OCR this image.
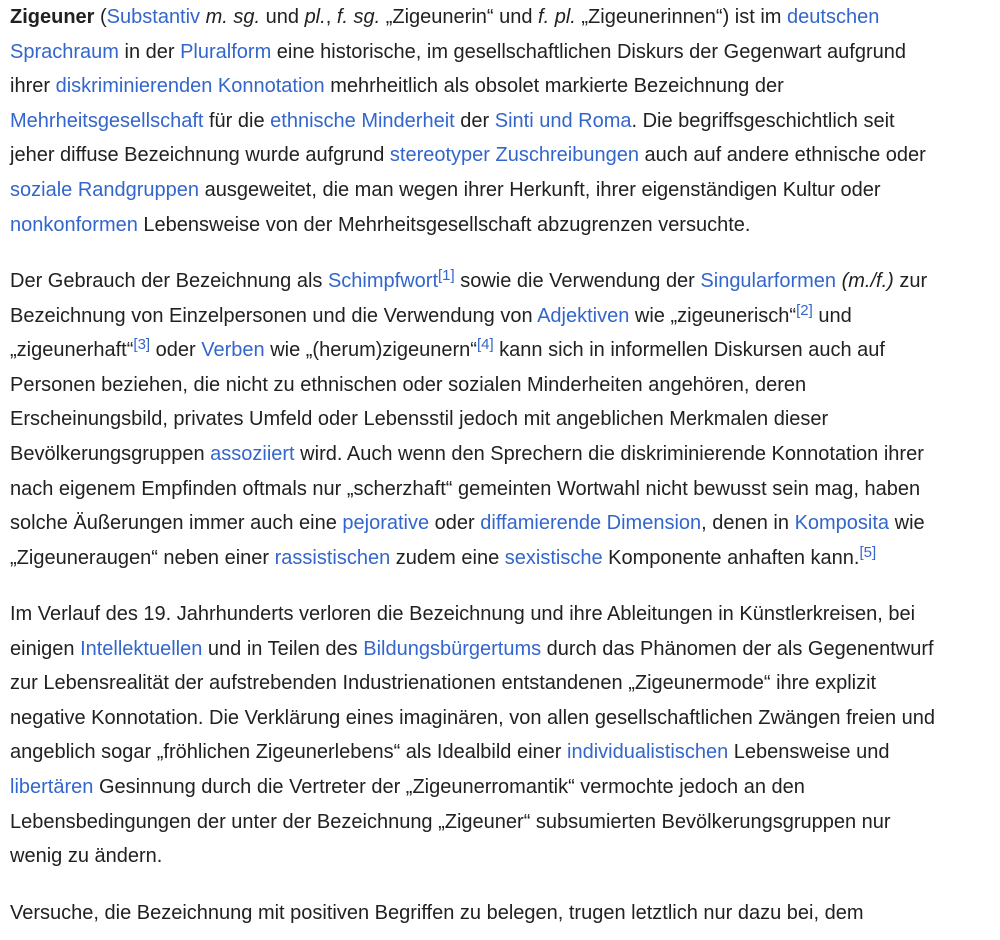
Zigeuner (Substantiv m. sg. und pl., f. sg. „Zigeunerin“ und f. pl. „Zigeunerinnen“) ist im deutschen
Sprachraum in der Pluralform eine historische, im gesellschaftlichen Diskurs der Gegenwart aufgrund
ihrer diskriminierenden Konnotation mehrheitlich als obsolet markierte Bezeichnung der
Mehrheitsgesellschaft für die ethnische Minderheit der Sinti und Roma. Die begriffsgeschichtlich seit
jeher diffuse Bezeichnung wurde aufgrund stereotyper Zuschreibungen auch auf andere ethnische oder
soziale Randgruppen ausgeweitet, die man wegen ihrer Herkunft, ihrer eigenständigen Kultur oder
nonkonformen Lebensweise von der Mehrheitsgesellschaft abzugrenzen versuchte.

Der Gebrauch der Bezeichnung als Schimpfwort[1] sowie die Verwendung der Singularformen (m./f.) zur
Bezeichnung von Einzelpersonen und die Verwendung von Adjektiven wie „zigeunerisch“[2] und
„zigeunerhaft“[3] oder Verben wie „(herum)zigeunern“[4] kann sich in informellen Diskursen auch auf
Personen beziehen, die nicht zu ethnischen oder sozialen Minderheiten angehören, deren
Erscheinungsbild, privates Umfeld oder Lebensstil jedoch mit angeblichen Merkmalen dieser
Bevölkerungsgruppen assoziiert wird. Auch wenn den Sprechern die diskriminierende Konnotation ihrer
nach eigenem Empfinden oftmals nur „scherzhaft“ gemeinten Wortwahl nicht bewusst sein mag, haben
solche Äußerungen immer auch eine pejorative oder diffamierende Dimension, denen in Komposita wie
„Zigeuneraugen“ neben einer rassistischen zudem eine sexistische Komponente anhaften kann.[5]

Im Verlauf des 19. Jahrhunderts verloren die Bezeichnung und ihre Ableitungen in Künstlerkreisen, bei
einigen Intellektuellen und in Teilen des Bildungsbürgertums durch das Phänomen der als Gegenentwurf
zur Lebensrealität der aufstrebenden Industrienationen entstandenen „Zigeunermode“ ihre explizit
negative Konnotation. Die Verklärung eines imaginären, von allen gesellschaftlichen Zwängen freien und
angeblich sogar „fröhlichen Zigeunerlebens“ als Idealbild einer individualistischen Lebensweise und
libertären Gesinnung durch die Vertreter der „Zigeunerromantik“ vermochte jedoch an den
Lebensbedingungen der unter der Bezeichnung „Zigeuner“ subsumierten Bevölkerungsgruppen nur
wenig zu ändern.

Versuche, die Bezeichnung mit positiven Begriffen zu belegen, trugen letztlich nur dazu bei, dem
